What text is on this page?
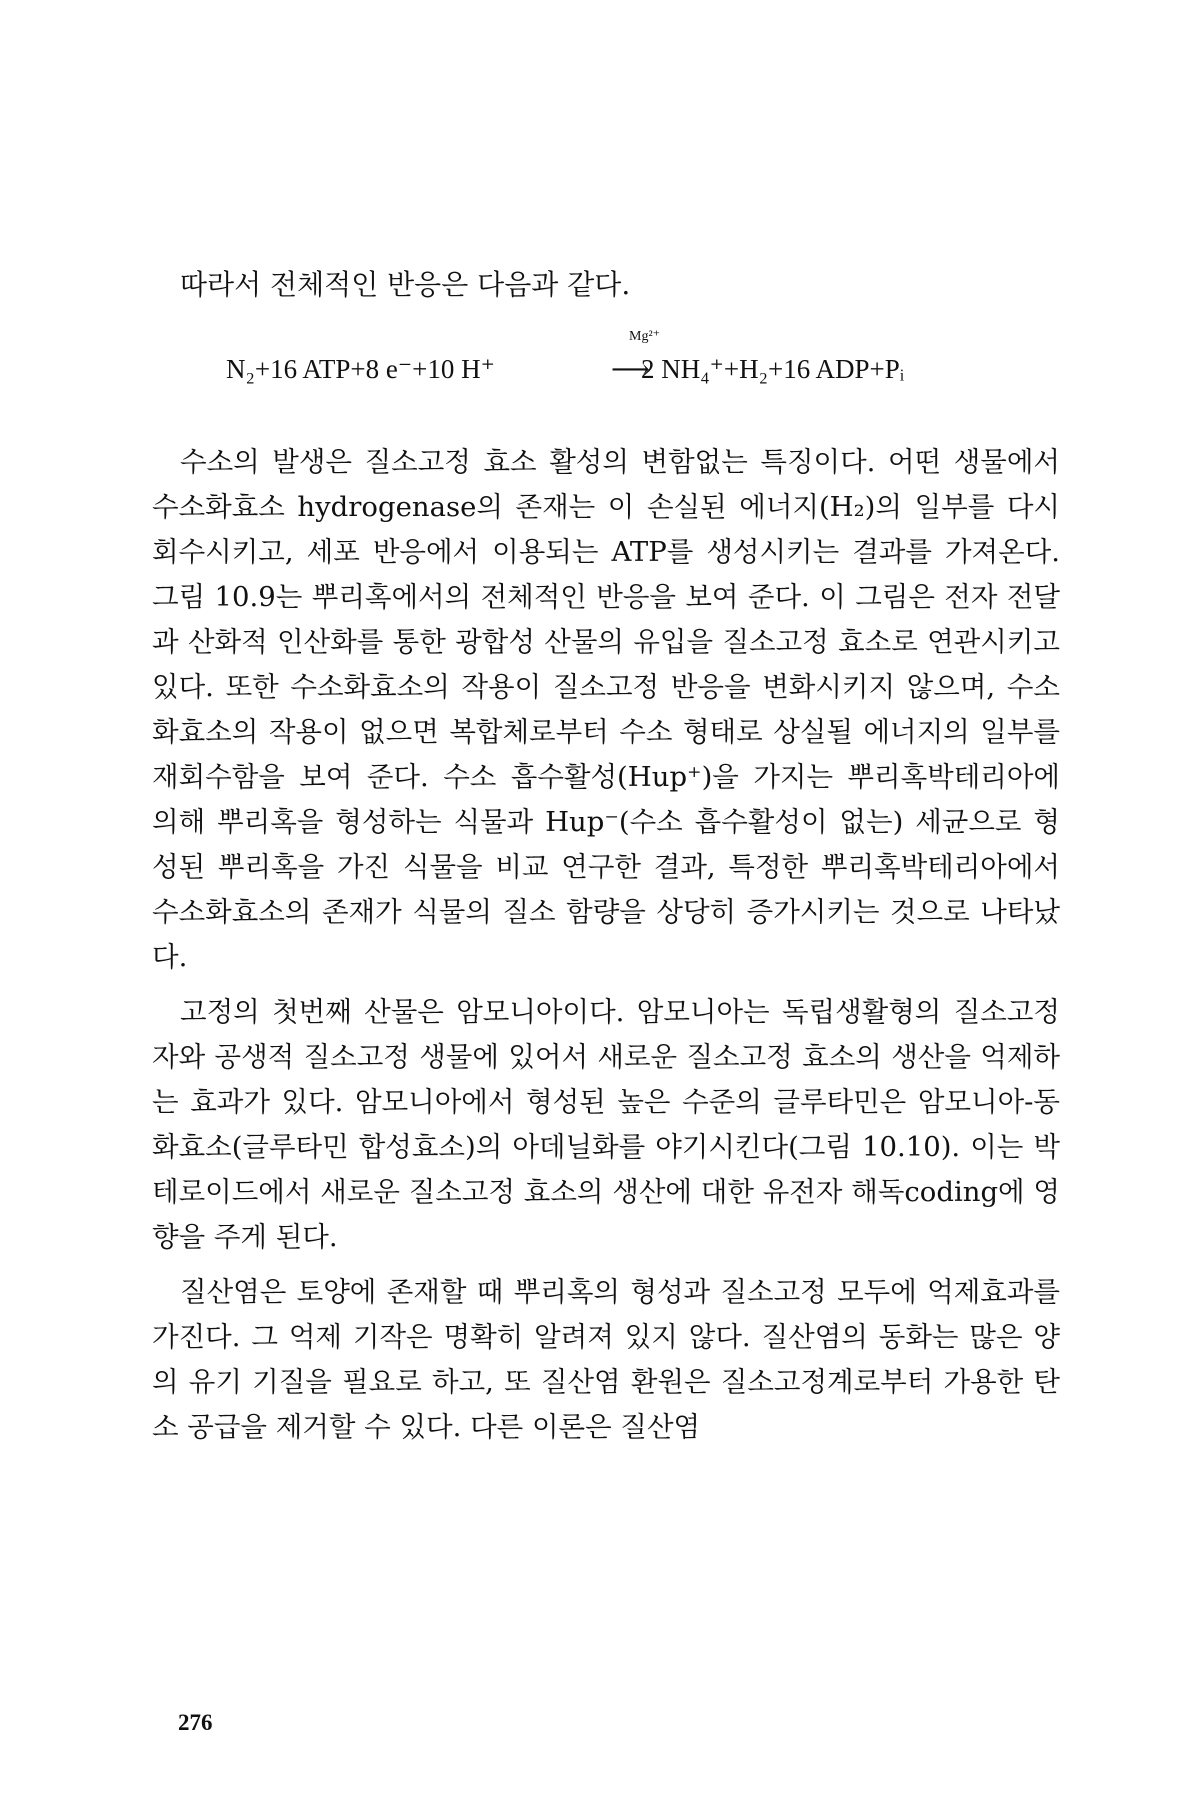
따라서 전체적인 반응은 다음과 같다.

N₂+16 ATP+8 e⁻+10 H⁺
Mg²⁺
⟶
2 NH₄⁺+H₂+16 ADP+Pᵢ

수소의 발생은 질소고정 효소 활성의 변함없는 특징이다. 어떤 생물에서 수소화효소 hydrogenase의 존재는 이 손실된 에너지(H₂)의 일부를 다시 회수시키고, 세포 반응에서 이용되는 ATP를 생성시키는 결과를 가져온다. 그림 10.9는 뿌리혹에서의 전체적인 반응을 보여 준다. 이 그림은 전자 전달과 산화적 인산화를 통한 광합성 산물의 유입을 질소고정 효소로 연관시키고 있다. 또한 수소화효소의 작용이 질소고정 반응을 변화시키지 않으며, 수소화효소의 작용이 없으면 복합체로부터 수소 형태로 상실될 에너지의 일부를 재회수함을 보여 준다. 수소 흡수활성(Hup⁺)을 가지는 뿌리혹박테리아에 의해 뿌리혹을 형성하는 식물과 Hup⁻(수소 흡수활성이 없는) 세균으로 형성된 뿌리혹을 가진 식물을 비교 연구한 결과, 특정한 뿌리혹박테리아에서 수소화효소의 존재가 식물의 질소 함량을 상당히 증가시키는 것으로 나타났다.

고정의 첫번째 산물은 암모니아이다. 암모니아는 독립생활형의 질소고정자와 공생적 질소고정 생물에 있어서 새로운 질소고정 효소의 생산을 억제하는 효과가 있다. 암모니아에서 형성된 높은 수준의 글루타민은 암모니아-동화효소(글루타민 합성효소)의 아데닐화를 야기시킨다(그림 10.10). 이는 박테로이드에서 새로운 질소고정 효소의 생산에 대한 유전자 해독coding에 영향을 주게 된다.

질산염은 토양에 존재할 때 뿌리혹의 형성과 질소고정 모두에 억제효과를 가진다. 그 억제 기작은 명확히 알려져 있지 않다. 질산염의 동화는 많은 양의 유기 기질을 필요로 하고, 또 질산염 환원은 질소고정계로부터 가용한 탄소 공급을 제거할 수 있다. 다른 이론은 질산염

276
